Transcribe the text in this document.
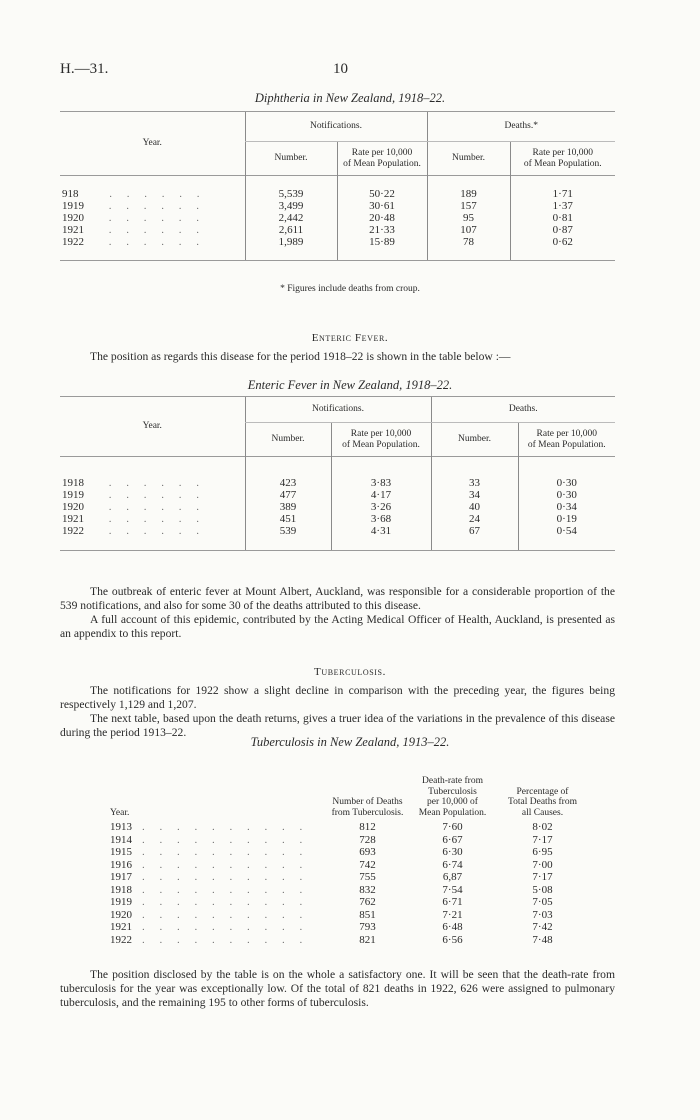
H.—31.	10
Diphtheria in New Zealand, 1918–22.
Year.	Notifications.		Deaths.*	
	Number.	Rate per 10,000
of Mean Population.	Number.	Rate per 10,000
of Mean Population.

918 . . . . . .	5,539	50·22	189	1·71
1919 . . . . . .	3,499	30·61	157	1·37
1920 . . . . . .	2,442	20·48	95	0·81
1921 . . . . . .	2,611	21·33	107	0·87
1922 . . . . . .	1,989	15·89	78	0·62

* Figures include deaths from croup.
Enteric Fever.

The position as regards this disease for the period 1918–22 is shown in the table below :—

Enteric Fever in New Zealand, 1918–22.
Year.	Notifications.		Deaths.	
	Number.	Rate per 10,000
of Mean Population.	Number.	Rate per 10,000
of Mean Population.

1918 . . . . . .	423	3·83	33	0·30
1919 . . . . . .	477	4·17	34	0·30
1920 . . . . . .	389	3·26	40	0·34
1921 . . . . . .	451	3·68	24	0·19
1922 . . . . . .	539	4·31	67	0·54

The outbreak of enteric fever at Mount Albert, Auckland, was responsible for a considerable proportion of the 539 notifications, and also for some 30 of the deaths attributed to this disease.

A full account of this epidemic, contributed by the Acting Medical Officer of Health, Auckland, is presented as an appendix to this report.

Tuberculosis.

The notifications for 1922 show a slight decline in comparison with the preceding year, the figures being respectively 1,129 and 1,207.

The next table, based upon the death returns, gives a truer idea of the variations in the prevalence of this disease during the period 1913–22.

Tuberculosis in New Zealand, 1913–22.
Year.	Number of Deaths
from Tuberculosis.	Death-rate from
Tuberculosis
per 10,000 of
Mean Population.	Percentage of
Total Deaths from
all Causes.
1913 . . . . . . . . . .	812	7·60	8·02
1914 . . . . . . . . . .	728	6·67	7·17
1915 . . . . . . . . . .	693	6·30	6·95
1916 . . . . . . . . . .	742	6·74	7·00
1917 . . . . . . . . . .	755	6,87	7·17
1918 . . . . . . . . . .	832	7·54	5·08
1919 . . . . . . . . . .	762	6·71	7·05
1920 . . . . . . . . . .	851	7·21	7·03
1921 . . . . . . . . . .	793	6·48	7·42
1922 . . . . . . . . . .	821	6·56	7·48

The position disclosed by the table is on the whole a satisfactory one. It will be seen that the death-rate from tuberculosis for the year was exceptionally low. Of the total of 821 deaths in 1922, 626 were assigned to pulmonary tuberculosis, and the remaining 195 to other forms of tuberculosis.
